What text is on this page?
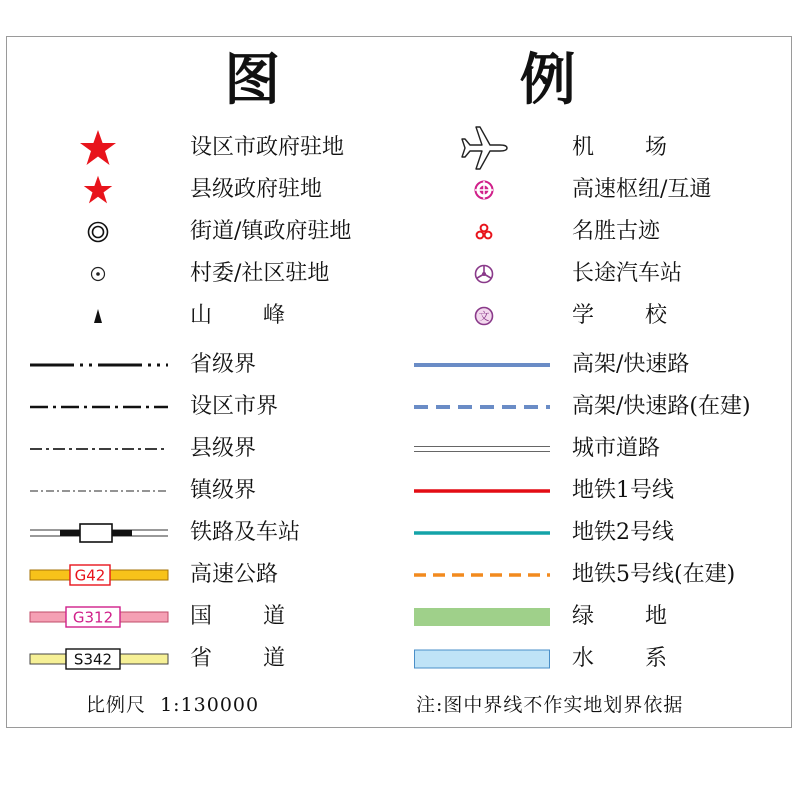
图 例
设区市政府驻地
县级政府驻地
街道/镇政府驻地
村委/社区驻地
山 峰
机 场
高速枢纽/互通
名胜古迹
长途汽车站
文	学 校
省级界
设区市界
县级界
镇级界
铁路及车站
G42	高速公路
G312	国 道
S342	省 道
高架/快速路
高架/快速路(在建)
城市道路
地铁1号线
地铁2号线
地铁5号线(在建)
绿 地
水 系
比例尺  1:130000	注:图中界线不作实地划界依据
